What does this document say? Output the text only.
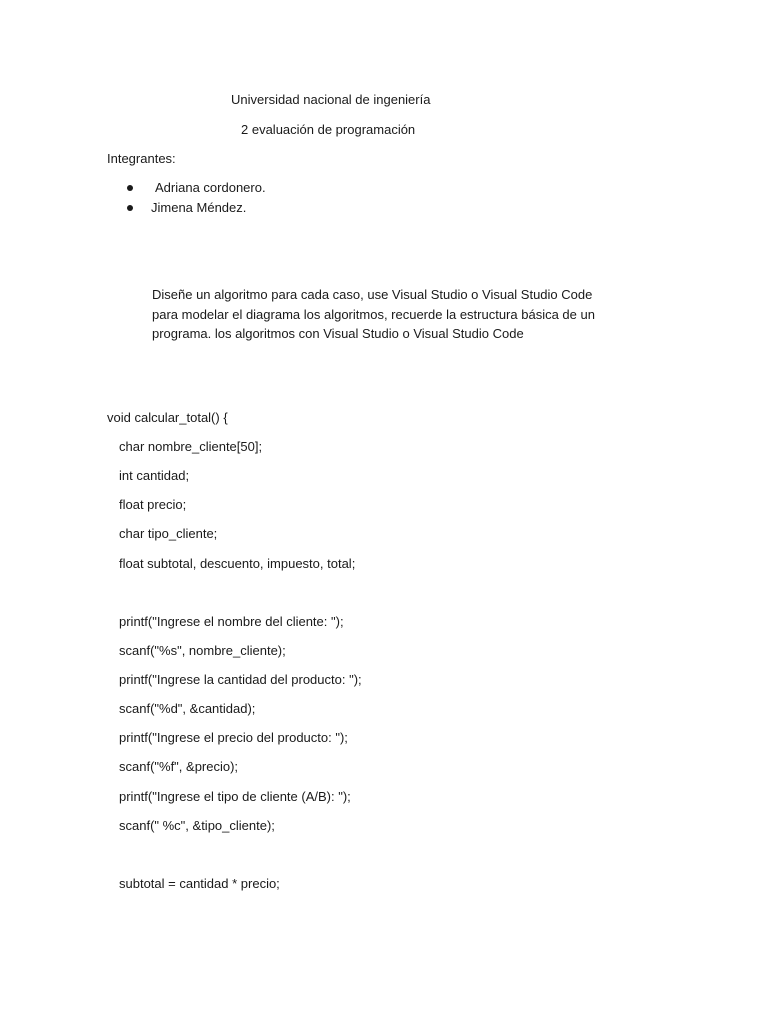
Universidad nacional de ingeniería
2 evaluación de programación
Integrantes:

Adriana cordonero.

Jimena Méndez.

Diseñe un algoritmo para cada caso, use Visual Studio o Visual Studio Code
para modelar el diagrama los algoritmos, recuerde la estructura básica de un
programa. los algoritmos con Visual Studio o Visual Studio Code
void calcular_total() {
char nombre_cliente[50];
int cantidad;
float precio;
char tipo_cliente;
float subtotal, descuento, impuesto, total;
printf("Ingrese el nombre del cliente: ");
scanf("%s", nombre_cliente);
printf("Ingrese la cantidad del producto: ");
scanf("%d", &cantidad);
printf("Ingrese el precio del producto: ");
scanf("%f", &precio);
printf("Ingrese el tipo de cliente (A/B): ");
scanf(" %c", &tipo_cliente);
subtotal = cantidad * precio;
